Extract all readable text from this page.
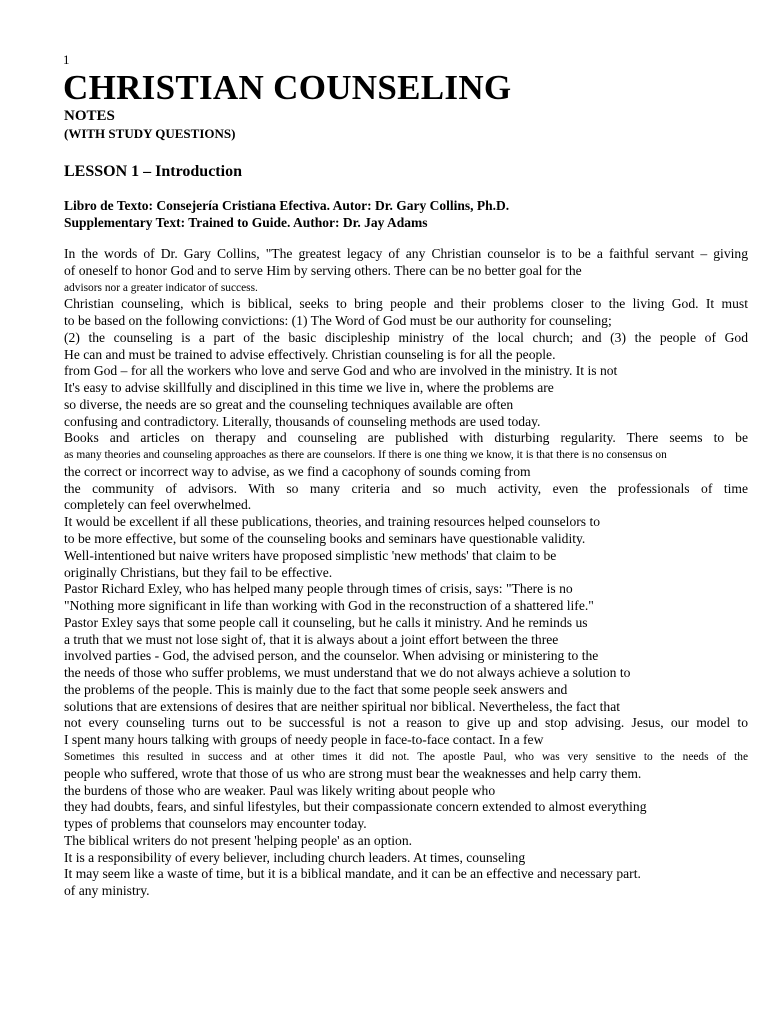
1
CHRISTIAN COUNSELING
NOTES
(WITH STUDY QUESTIONS)
LESSON 1 – Introduction
Libro de Texto: Consejería Cristiana Efectiva. Autor: Dr. Gary Collins, Ph.D.
Supplementary Text: Trained to Guide. Author: Dr. Jay Adams
In the words of Dr. Gary Collins, "The greatest legacy of any Christian counselor is to be a faithful servant – giving
of oneself to honor God and to serve Him by serving others. There can be no better goal for the
advisors nor a greater indicator of success.
Christian counseling, which is biblical, seeks to bring people and their problems closer to the living God. It must
to be based on the following convictions: (1) The Word of God must be our authority for counseling;
(2) the counseling is a part of the basic discipleship ministry of the local church; and (3) the people of God
He can and must be trained to advise effectively. Christian counseling is for all the people.
from God – for all the workers who love and serve God and who are involved in the ministry. It is not
It's easy to advise skillfully and disciplined in this time we live in, where the problems are
so diverse, the needs are so great and the counseling techniques available are often
confusing and contradictory. Literally, thousands of counseling methods are used today.
Books and articles on therapy and counseling are published with disturbing regularity. There seems to be
as many theories and counseling approaches as there are counselors. If there is one thing we know, it is that there is no consensus on
the correct or incorrect way to advise, as we find a cacophony of sounds coming from
the community of advisors. With so many criteria and so much activity, even the professionals of time
completely can feel overwhelmed.
It would be excellent if all these publications, theories, and training resources helped counselors to
to be more effective, but some of the counseling books and seminars have questionable validity.
Well-intentioned but naive writers have proposed simplistic 'new methods' that claim to be
originally Christians, but they fail to be effective.
Pastor Richard Exley, who has helped many people through times of crisis, says: "There is no
"Nothing more significant in life than working with God in the reconstruction of a shattered life."
Pastor Exley says that some people call it counseling, but he calls it ministry. And he reminds us
a truth that we must not lose sight of, that it is always about a joint effort between the three
involved parties - God, the advised person, and the counselor. When advising or ministering to the
the needs of those who suffer problems, we must understand that we do not always achieve a solution to
the problems of the people. This is mainly due to the fact that some people seek answers and
solutions that are extensions of desires that are neither spiritual nor biblical. Nevertheless, the fact that
not every counseling turns out to be successful is not a reason to give up and stop advising. Jesus, our model to
I spent many hours talking with groups of needy people in face-to-face contact. In a few
Sometimes this resulted in success and at other times it did not. The apostle Paul, who was very sensitive to the needs of the
people who suffered, wrote that those of us who are strong must bear the weaknesses and help carry them.
the burdens of those who are weaker. Paul was likely writing about people who
they had doubts, fears, and sinful lifestyles, but their compassionate concern extended to almost everything
types of problems that counselors may encounter today.
The biblical writers do not present 'helping people' as an option.
It is a responsibility of every believer, including church leaders. At times, counseling
It may seem like a waste of time, but it is a biblical mandate, and it can be an effective and necessary part.
of any ministry.
